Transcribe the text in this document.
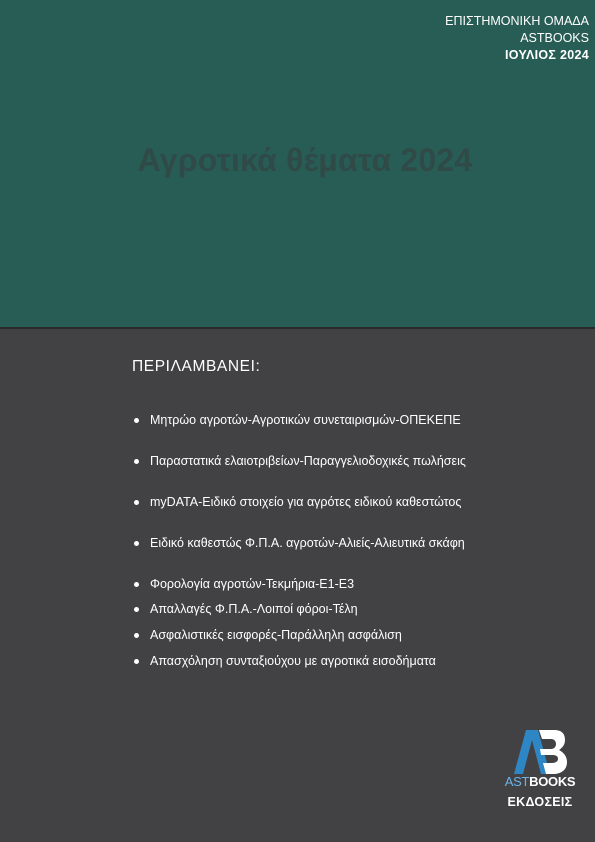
ΕΠΙΣΤΗΜΟΝΙΚΗ ΟΜΑΔΑ
ASTBOOKS
ΙΟΥΛΙΟΣ 2024
Αγροτικά θέματα 2024
ΠΕΡΙΛΑΜΒΑΝΕΙ:
Μητρώο αγροτών-Αγροτικών συνεταιρισμών-ΟΠΕΚΕΠΕ
Παραστατικά ελαιοτριβείων-Παραγγελιοδοχικές πωλήσεις
myDATA-Ειδικό στοιχείο για αγρότες ειδικού καθεστώτος
Ειδικό καθεστώς Φ.Π.Α. αγροτών-Αλιείς-Αλιευτικά σκάφη
Φορολογία αγροτών-Τεκμήρια-Ε1-Ε3
Απαλλαγές Φ.Π.Α.-Λοιποί φόροι-Τέλη
Ασφαλιστικές εισφορές-Παράλληλη ασφάλιση
Απασχόληση συνταξιούχου με αγροτικά εισοδήματα
ASTBOOKS
ΕΚΔΟΣΕΙΣ
